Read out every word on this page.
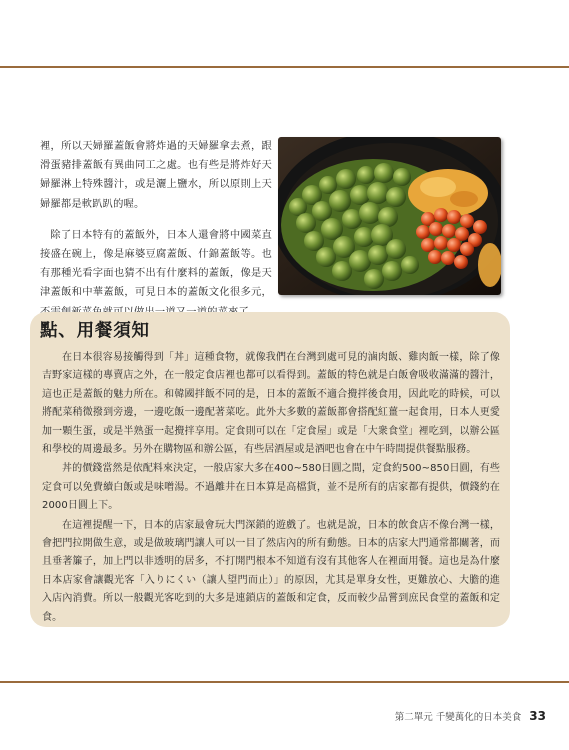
裡，所以天婦羅蓋飯會將炸過的天婦羅拿去煮，跟滑蛋豬排蓋飯有異曲同工之處。也有些是將炸好天婦羅淋上特殊醬汁，或是灑上鹽水，所以原則上天婦羅都是軟趴趴的喔。

除了日本特有的蓋飯外，日本人還會將中國菜直接盛在碗上，像是麻婆豆腐蓋飯、什錦蓋飯等。也有那種光看字面也猜不出有什麼料的蓋飯，像是天津蓋飯和中華蓋飯，可見日本的蓋飯文化很多元，

點、用餐須知

在日本很容易接觸得到「丼」這種食物，就像我們在台灣到處可見的滷肉飯、雞肉飯一樣，除了像吉野家這樣的專賣店之外，在一般定食店裡也都可以看得到。蓋飯的特色就是白飯會吸收滿滿的醬汁，這也正是蓋飯的魅力所在。和韓國拌飯不同的是，日本的蓋飯不適合攪拌後食用，因此吃的時候，可以將配菜稍微撥到旁邊，一邊吃飯一邊配著菜吃。此外大多數的蓋飯都會搭配紅薑一起食用，日本人更愛加一顆生蛋，或是半熟蛋一起攪拌享用。定食則可以在「定食屋」或是「大衆食堂」裡吃到，以辦公區和學校的周邊最多。另外在購物區和辦公區，有些居酒屋或是酒吧也會在中午時間提供餐點服務。

丼的價錢當然是依配料來決定，一般店家大多在400~580日圓之間，定食約500~850日圓，有些定食可以免費續白飯或是味噌湯。不過離井在日本算是高檔貨，並不是所有的店家都有提供，價錢約在2000日圓上下。

在這裡提醒一下，日本的店家最會玩大門深鎖的遊戲了。也就是說，日本的飲食店不像台灣一樣，會把門拉開做生意，或是做玻璃門讓人可以一目了然店內的所有動態。日本的店家大門通常都關著，而且垂著簾子，加上門以非透明的居多，不打開門根本不知道有沒有其他客人在裡面用餐。這也是為什麼日本店家會讓觀光客「入りにくい（讓人望門而止）」的原因，尤其是單身女性，更難放心、大膽的進入店內消費。所以一般觀光客吃到的大多是連鎖店的蓋飯和定食，反而較少品嘗到庶民食堂的蓋飯和定食。

第二單元 千變萬化的日本美食 33
